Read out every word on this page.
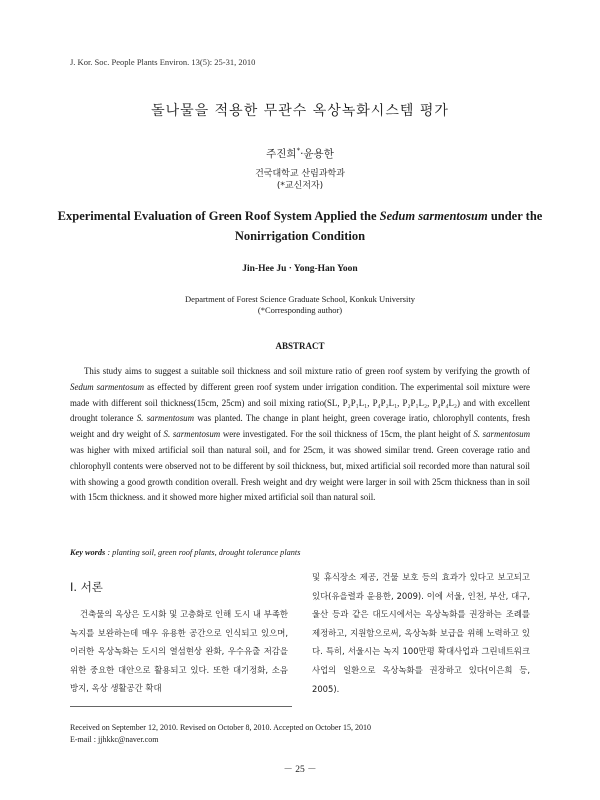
J. Kor. Soc. People Plants Environ. 13(5): 25-31, 2010
돌나물을 적용한 무관수 옥상녹화시스템 평가
주진희*·윤용한
건국대학교 산림과학과
(*교신저자)
Experimental Evaluation of Green Roof System Applied the Sedum sarmentosum under the Nonirrigation Condition
Jin-Hee Ju · Yong-Han Yoon
Department of Forest Science Graduate School, Konkuk University
(*Corresponding author)
ABSTRACT

This study aims to suggest a suitable soil thickness and soil mixture ratio of green roof system by verifying the growth of Sedum sarmentosum as effected by different green roof system under irrigation condition. The experimental soil mixture were made with different soil thickness(15cm, 25cm) and soil mixing ratio(SL, P₂P₁L₁, P₄P₂L₁, P₂P₁L₂, P₄P₄L₂) and with excellent drought tolerance S. sarmentosum was planted. The change in plant height, green coverage iratio, chlorophyll contents, fresh weight and dry weight of S. sarmentosum were investigated. For the soil thickness of 15cm, the plant height of S. sarmentosum was higher with mixed artificial soil than natural soil, and for 25cm, it was showed similar trend. Green coverage ratio and chlorophyll contents were observed not to be different by soil thickness, but, mixed artificial soil recorded more than natural soil with showing a good growth condition overall. Fresh weight and dry weight were larger in soil with 25cm thickness than in soil with 15cm thickness. and it showed more higher mixed artificial soil than natural soil.

Key words : planting soil, green roof plants, drought tolerance plants
Ⅰ. 서론

건축물의 옥상은 도시화 및 고층화로 인해 도시 내 부족한 녹지를 보완하는데 매우 유용한 공간으로 인식되고 있으며, 이러한 옥상녹화는 도시의 열섬현상 완화, 우수유출 저감을 위한 중요한 대안으로 활용되고 있다. 또한 대기정화, 소음방지, 옥상 생활공간 확대

및 휴식장소 제공, 건물 보호 등의 효과가 있다고 보고되고 있다(유을렬과 윤용한, 2009). 이에 서울, 인천, 부산, 대구, 울산 등과 같은 대도시에서는 옥상녹화를 권장하는 조례를 제정하고, 지원함으로써, 옥상녹화 보급을 위해 노력하고 있다. 특히, 서울시는 녹지 100만평 확대사업과 그린네트워크사업의 일환으로 옥상녹화를 권장하고 있다(이은희 등, 2005).

Received on September 12, 2010. Revised on October 8, 2010. Accepted on October 15, 2010
E-mail : jjhkkc@naver.com
－ 25 －
